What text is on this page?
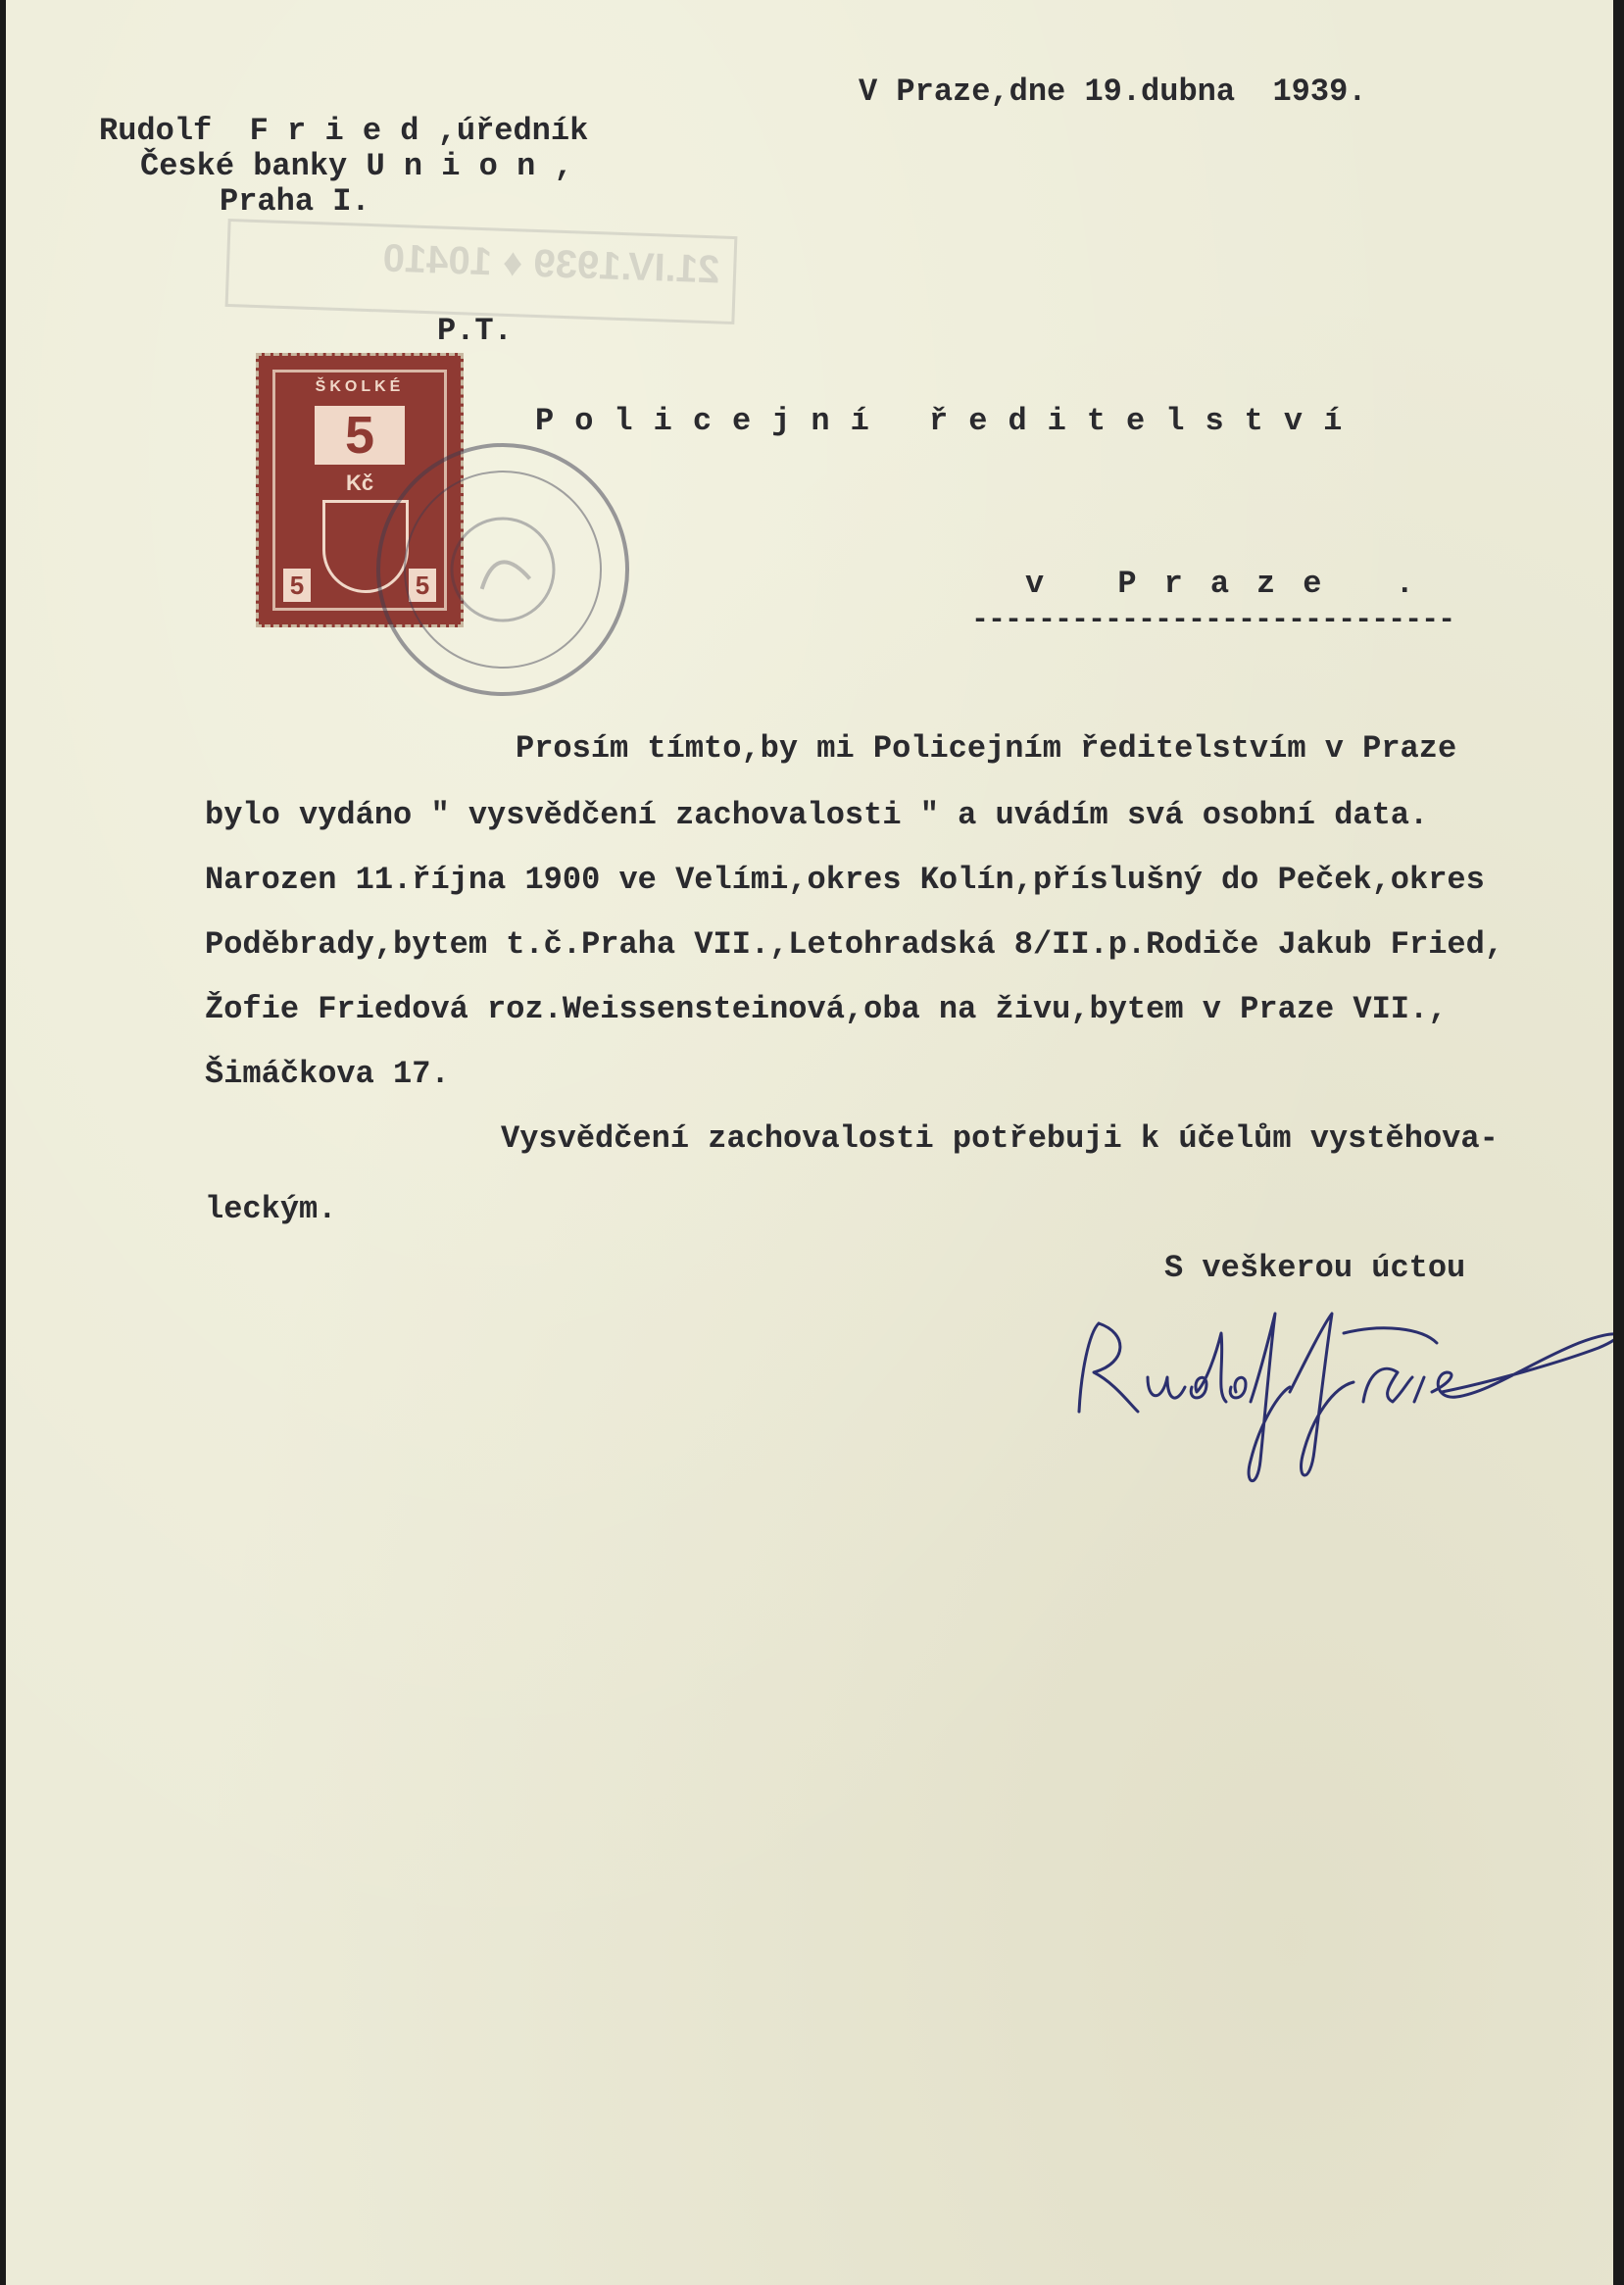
21.IV.1939 ♦ 10410
V Praze,dne 19.dubna  1939.
Rudolf  F r i e d ,úředník
České banky U n i o n ,
Praha I.
P.T.
ŠKOLKÉ
5
Kč
5	5
Policejní ředitelství
v Praze .
-----------------------------
Prosím tímto,by mi Policejním ředitelstvím v Praze
bylo vydáno " vysvědčení zachovalosti " a uvádím svá osobní data.
Narozen 11.října 1900 ve Velími,okres Kolín,příslušný do Peček,okres
Poděbrady,bytem t.č.Praha VII.,Letohradská 8/II.p.Rodiče Jakub Fried,
Žofie Friedová roz.Weissensteinová,oba na živu,bytem v Praze VII.,
Šimáčkova 17.
Vysvědčení zachovalosti potřebuji k účelům vystěhova-
leckým.
S veškerou úctou
